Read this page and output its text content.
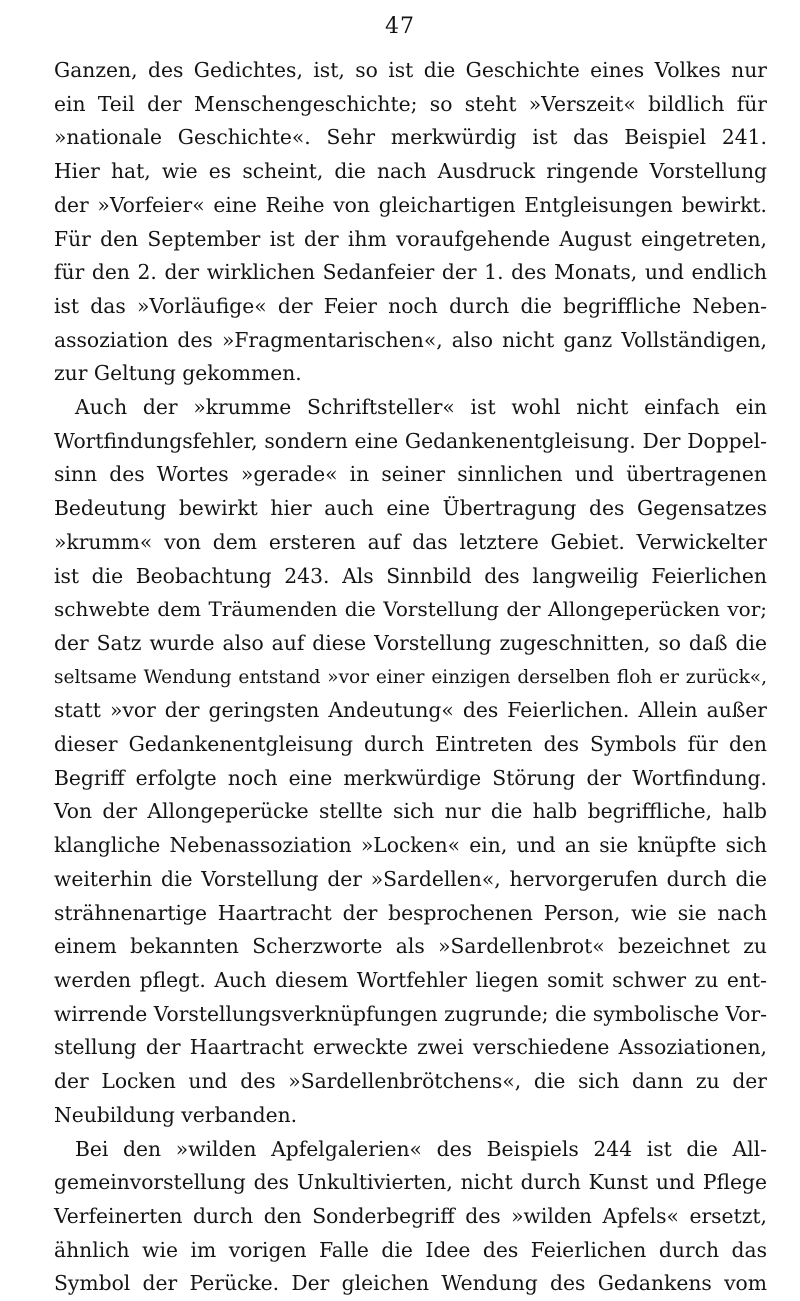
47
Ganzen, des Gedichtes, ist, so ist die Geschichte eines Volkes nur
ein Teil der Menschengeschichte; so steht »Verszeit« bildlich für
»nationale Geschichte«. Sehr merkwürdig ist das Beispiel 241.
Hier hat, wie es scheint, die nach Ausdruck ringende Vorstellung
der »Vorfeier« eine Reihe von gleichartigen Entgleisungen bewirkt.
Für den September ist der ihm voraufgehende August eingetreten,
für den 2. der wirklichen Sedanfeier der 1. des Monats, und endlich
ist das »Vorläufige« der Feier noch durch die begriffliche Neben-
assoziation des »Fragmentarischen«, also nicht ganz Vollständigen,
zur Geltung gekommen.
Auch der »krumme Schriftsteller« ist wohl nicht einfach ein
Wortfindungsfehler, sondern eine Gedankenentgleisung. Der Doppel-
sinn des Wortes »gerade« in seiner sinnlichen und übertragenen
Bedeutung bewirkt hier auch eine Übertragung des Gegensatzes
»krumm« von dem ersteren auf das letztere Gebiet. Verwickelter
ist die Beobachtung 243. Als Sinnbild des langweilig Feierlichen
schwebte dem Träumenden die Vorstellung der Allongeperücken vor;
der Satz wurde also auf diese Vorstellung zugeschnitten, so daß die
seltsame Wendung entstand »vor einer einzigen derselben floh er zurück«,
statt »vor der geringsten Andeutung« des Feierlichen. Allein außer
dieser Gedankenentgleisung durch Eintreten des Symbols für den
Begriff erfolgte noch eine merkwürdige Störung der Wortfindung.
Von der Allongeperücke stellte sich nur die halb begriffliche, halb
klangliche Nebenassoziation »Locken« ein, und an sie knüpfte sich
weiterhin die Vorstellung der »Sardellen«, hervorgerufen durch die
strähnenartige Haartracht der besprochenen Person, wie sie nach
einem bekannten Scherzworte als »Sardellenbrot« bezeichnet zu
werden pflegt. Auch diesem Wortfehler liegen somit schwer zu ent-
wirrende Vorstellungsverknüpfungen zugrunde; die symbolische Vor-
stellung der Haartracht erweckte zwei verschiedene Assoziationen,
der Locken und des »Sardellenbrötchens«, die sich dann zu der
Neubildung verbanden.
Bei den »wilden Apfelgalerien« des Beispiels 244 ist die All-
gemeinvorstellung des Unkultivierten, nicht durch Kunst und Pflege
Verfeinerten durch den Sonderbegriff des »wilden Apfels« ersetzt,
ähnlich wie im vorigen Falle die Idee des Feierlichen durch das
Symbol der Perücke. Der gleichen Wendung des Gedankens vom
